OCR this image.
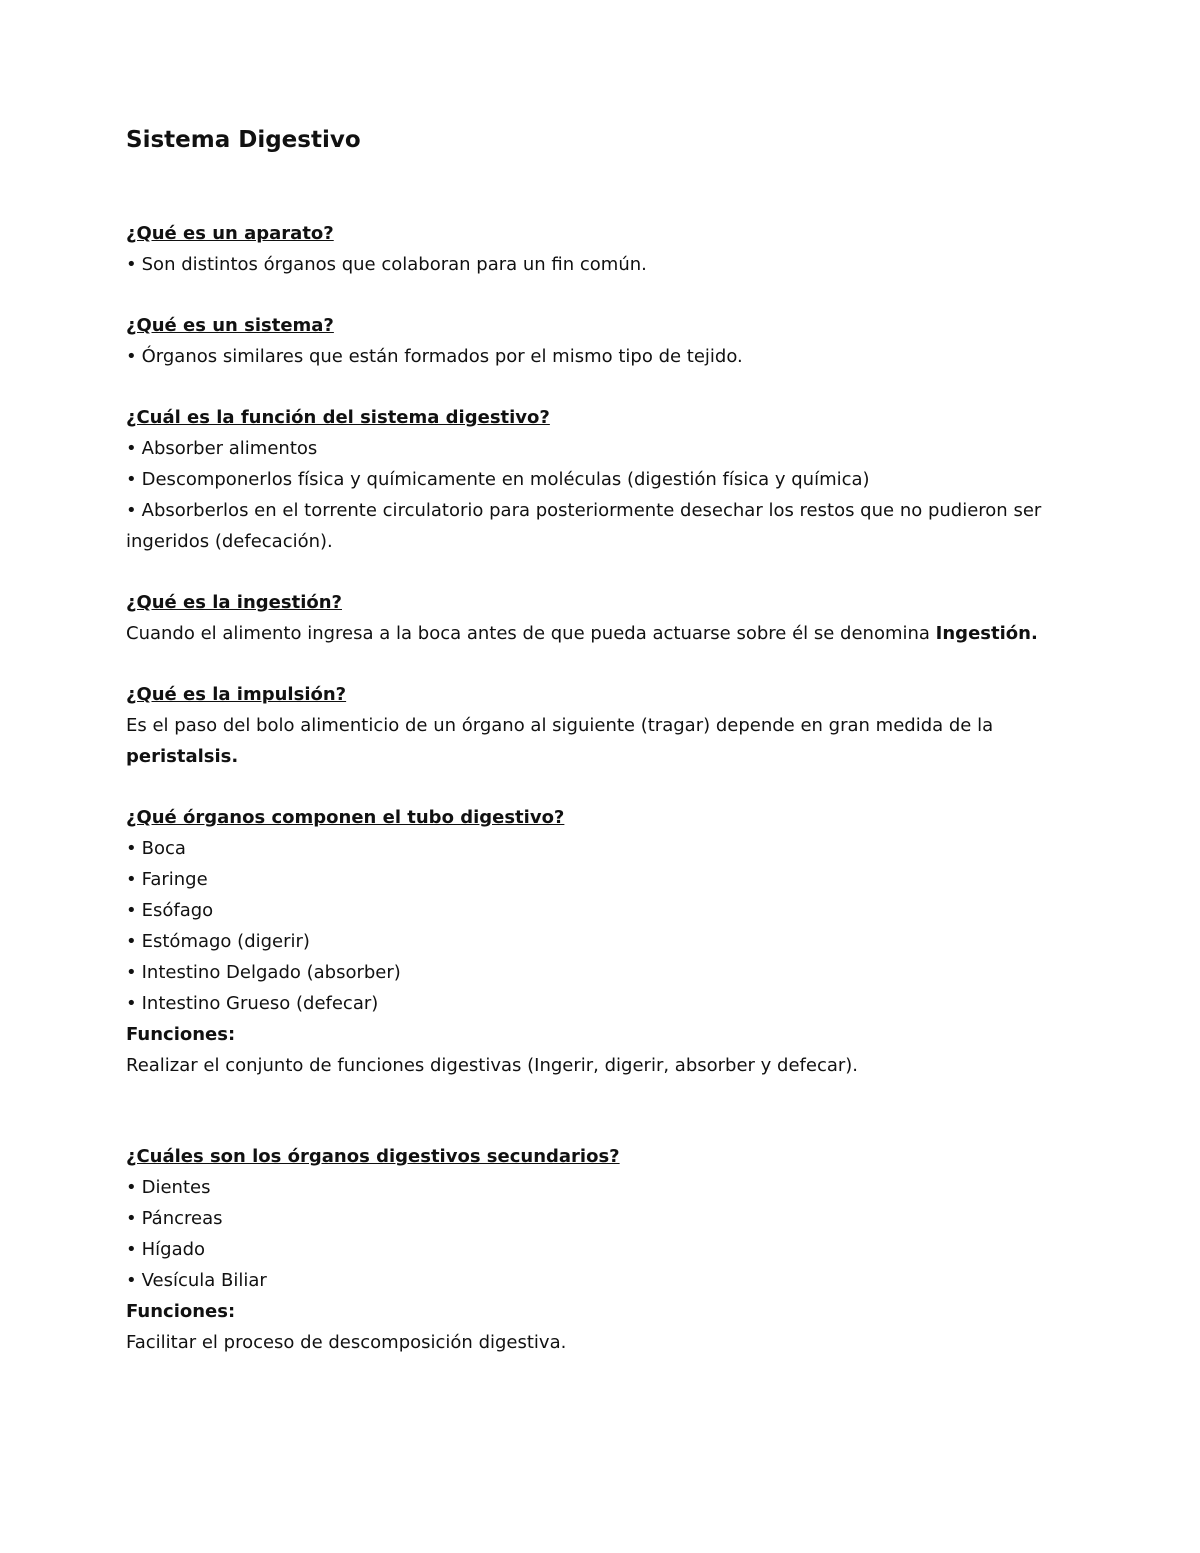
Sistema Digestivo

¿Qué es un aparato?

• Son distintos órganos que colaboran para un fin común.

¿Qué es un sistema?

• Órganos similares que están formados por el mismo tipo de tejido.

¿Cuál es la función del sistema digestivo?

• Absorber alimentos
• Descomponerlos física y químicamente en moléculas (digestión física y química)
• Absorberlos en el torrente circulatorio para posteriormente desechar los restos que no pudieron ser ingeridos (defecación).

¿Qué es la ingestión?

Cuando el alimento ingresa a la boca antes de que pueda actuarse sobre él se denomina Ingestión.

¿Qué es la impulsión?

Es el paso del bolo alimenticio de un órgano al siguiente (tragar) depende en gran medida de la peristalsis.

¿Qué órganos componen el tubo digestivo?

• Boca
• Faringe
• Esófago
• Estómago (digerir)
• Intestino Delgado (absorber)
• Intestino Grueso (defecar)

Funciones:

Realizar el conjunto de funciones digestivas (Ingerir, digerir, absorber y defecar).

¿Cuáles son los órganos digestivos secundarios?

• Dientes
• Páncreas
• Hígado
• Vesícula Biliar

Funciones:

Facilitar el proceso de descomposición digestiva.
